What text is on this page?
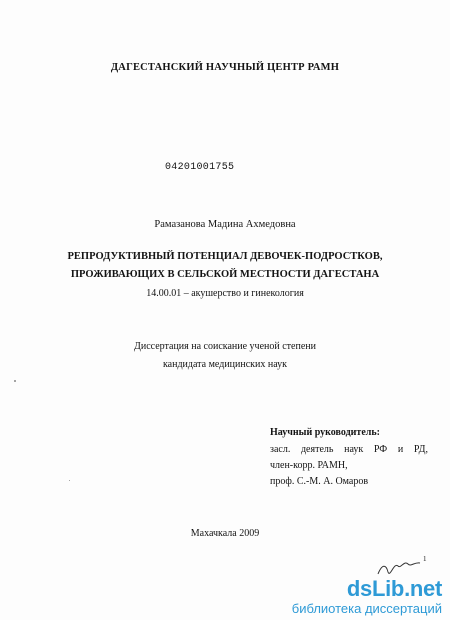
ДАГЕСТАНСКИЙ НАУЧНЫЙ ЦЕНТР РАМН
04201001755
Рамазанова Мадина Ахмедовна
РЕПРОДУКТИВНЫЙ ПОТЕНЦИАЛ ДЕВОЧЕК-ПОДРОСТКОВ,
ПРОЖИВАЮЩИХ В СЕЛЬСКОЙ МЕСТНОСТИ ДАГЕСТАНА
14.00.01 – акушерство и гинекология
Диссертация на соискание ученой степени
кандидата медицинских наук
Научный руководитель:
засл. деятель наук РФ и РД,
член-корр. РАМН,
проф. С.-М. А. Омаров
Махачкала 2009
1
dsLib.net
библиотека диссертаций
